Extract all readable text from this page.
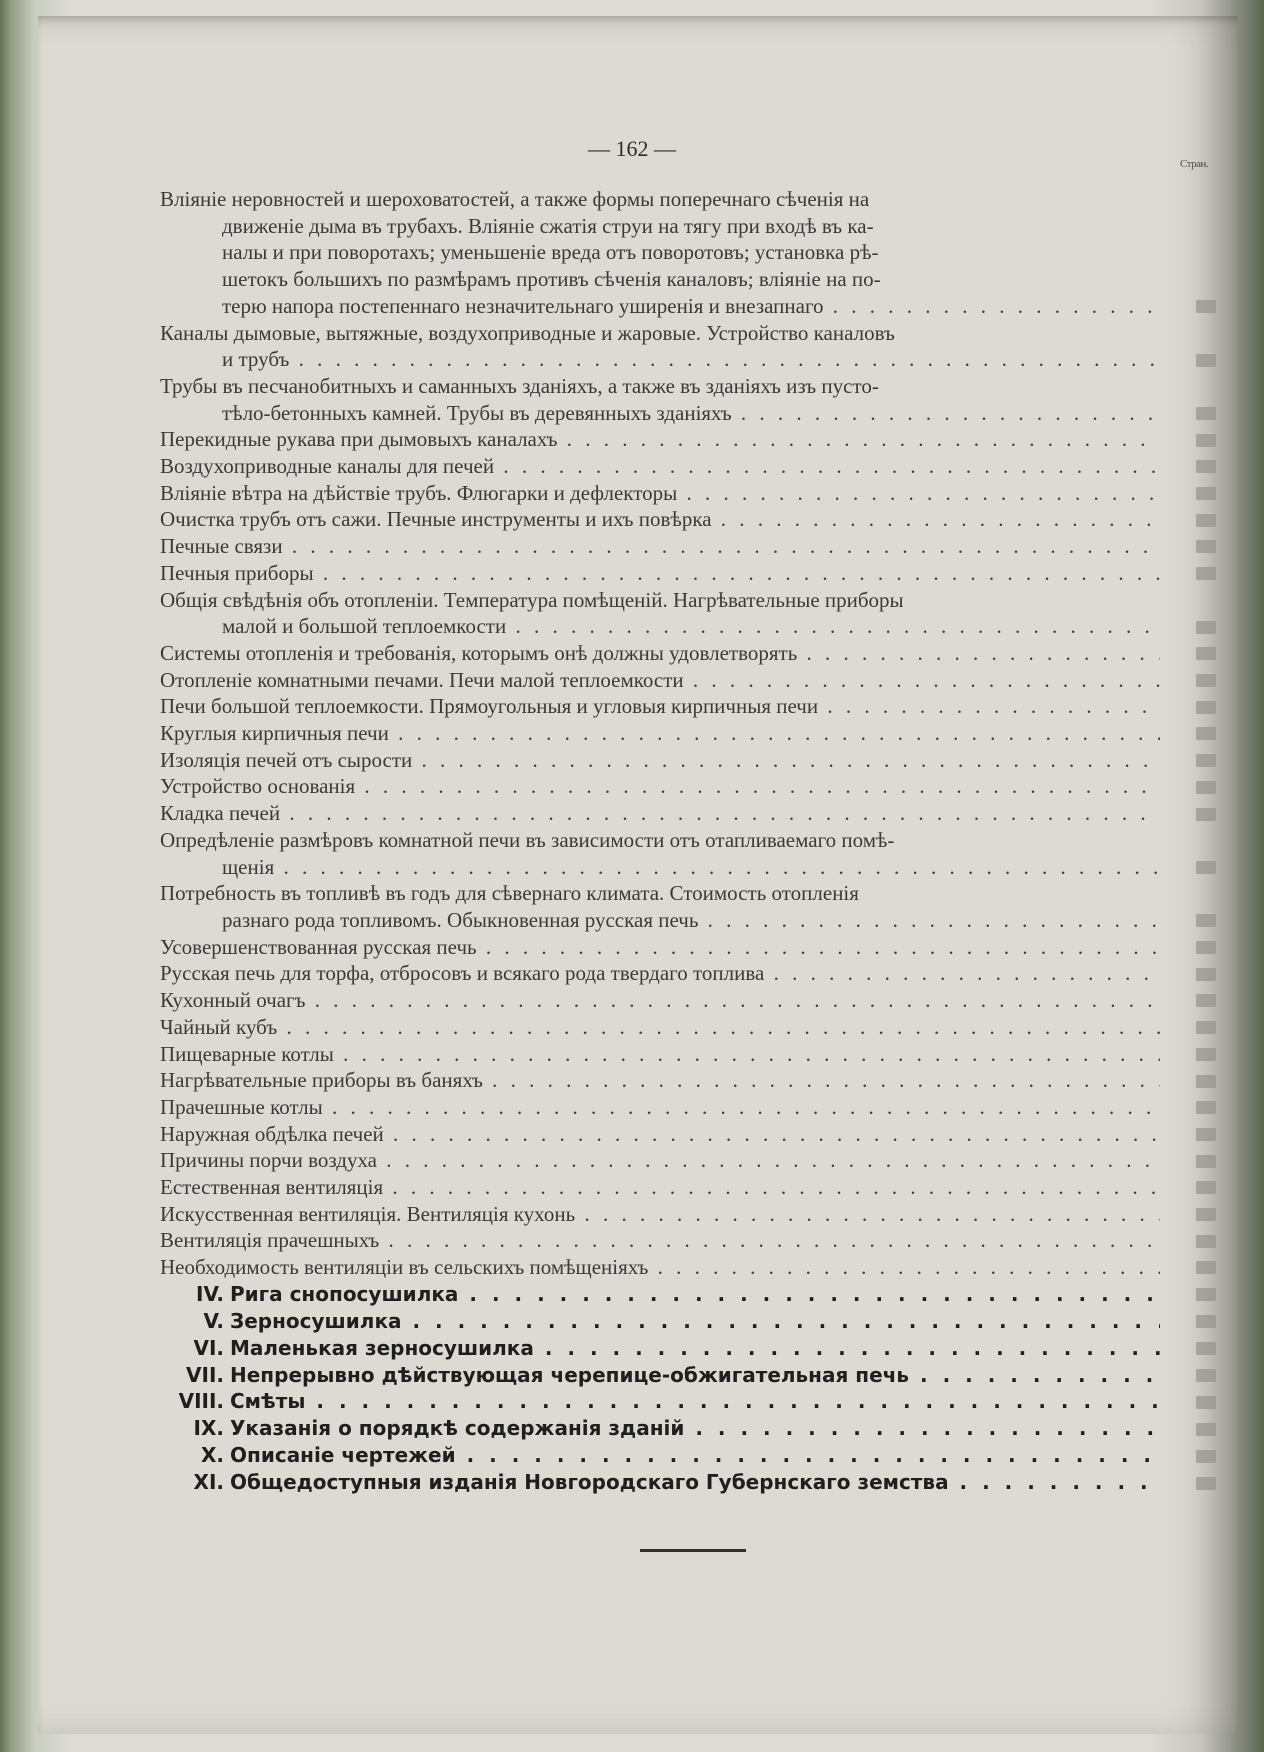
— 162 —
Стран.
Вліяніе неровностей и шероховатостей, а также формы поперечнаго сѣченія на
движеніе дыма въ трубахъ. Вліяніе сжатія струи на тягу при входѣ въ ка-
налы и при поворотахъ; уменьшеніе вреда отъ поворотовъ; установка рѣ-
шетокъ большихъ по размѣрамъ противъ сѣченія каналовъ; вліяніе на по-
терю напора постепеннаго незначительнаго уширенія и внезапнаго . . .
Каналы дымовые, вытяжные, воздухоприводные и жаровые. Устройство каналовъ
и трубъ . . .
Трубы въ песчанобитныхъ и саманныхъ зданіяхъ, а также въ зданіяхъ изъ пусто-
тѣло-бетонныхъ камней. Трубы въ деревянныхъ зданіяхъ . . .
Перекидные рукава при дымовыхъ каналахъ . . .
Воздухоприводные каналы для печей . . .
Вліяніе вѣтра на дѣйствіе трубъ. Флюгарки и дефлекторы . . .
Очистка трубъ отъ сажи. Печные инструменты и ихъ повѣрка . . .
Печные связи . . .
Печныя приборы . . .
Общія свѣдѣнія объ отопленіи. Температура помѣщеній. Нагрѣвательные приборы
малой и большой теплоемкости . . .
Системы отопленія и требованія, которымъ онѣ должны удовлетворять . . .
Отопленіе комнатными печами. Печи малой теплоемкости . . .
Печи большой теплоемкости. Прямоугольныя и угловыя кирпичныя печи . . .
Круглыя кирпичныя печи . . .
Изоляція печей отъ сырости . . .
Устройство основанія . . .
Кладка печей . . .
Опредѣленіе размѣровъ комнатной печи въ зависимости отъ отапливаемаго помѣ-
щенія . . .
Потребность въ топливѣ въ годъ для сѣвернаго климата. Стоимость отопленія
разнаго рода топливомъ. Обыкновенная русская печь . . .
Усовершенствованная русская печь . . .
Русская печь для торфа, отбросовъ и всякаго рода твердаго топлива . . .
Кухонный очагъ . . .
Чайный кубъ . . .
Пищеварные котлы . . .
Нагрѣвательные приборы въ баняхъ . . .
Прачешные котлы . . .
Наружная обдѣлка печей . . .
Причины порчи воздуха . . .
Естественная вентиляція . . .
Искусственная вентиляція. Вентиляція кухонь . . .
Вентиляція прачешныхъ . . .
Необходимость вентиляціи въ сельскихъ помѣщеніяхъ . . .
IV. Рига снопосушилка . . .
V. Зерносушилка . . .
VI. Маленькая зерносушилка . . .
VII. Непрерывно дѣйствующая черепице-обжигательная печь . . .
VIII. Смѣты . . .
IX. Указанія о порядкѣ содержанія зданій . . .
X. Описаніе чертежей . . .
XI. Общедоступныя изданія Новгородскаго Губернскаго земства . . .
